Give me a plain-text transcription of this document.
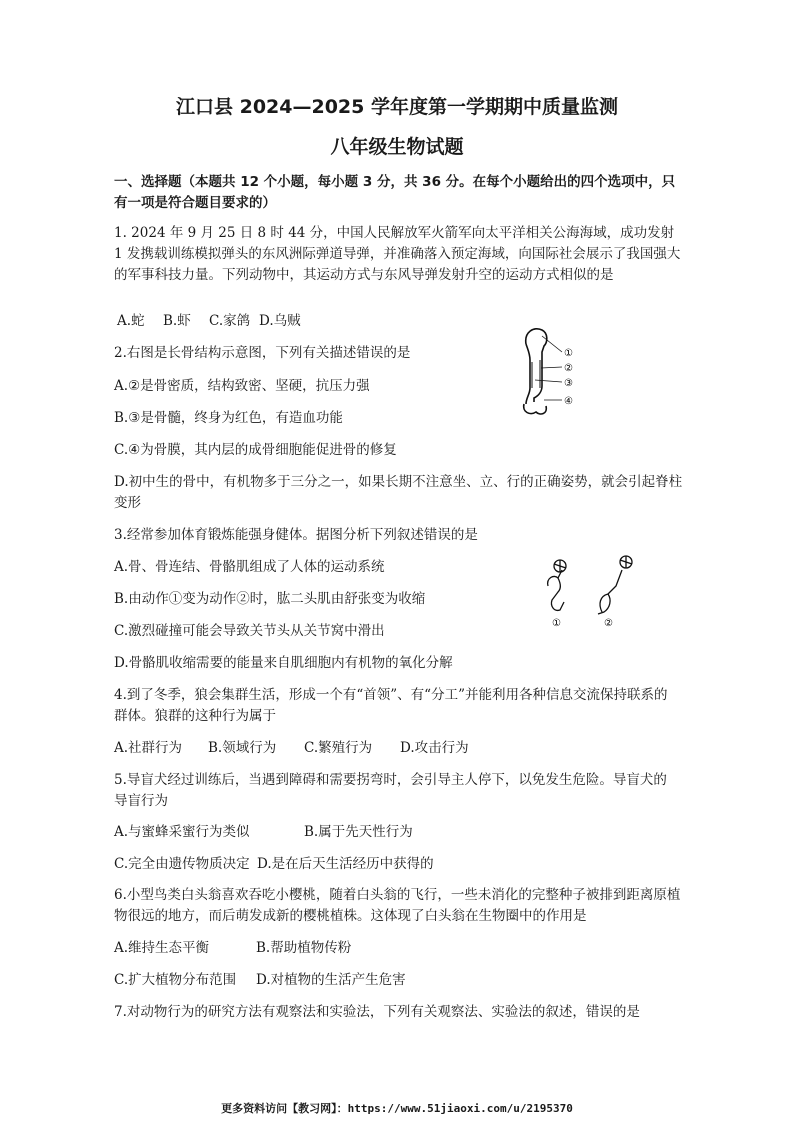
江口县 2024—2025 学年度第一学期期中质量监测
八年级生物试题
一、选择题（本题共 12 个小题，每小题 3 分，共 36 分。在每个小题给出的四个选项中，只有一项是符合题目要求的）
1. 2024 年 9 月 25 日 8 时 44 分，中国人民解放军火箭军向太平洋相关公海海域，成功发射 1 发携载训练模拟弹头的东风洲际弹道导弹，并准确落入预定海域，向国际社会展示了我国强大的军事科技力量。下列动物中，其运动方式与东风导弹发射升空的运动方式相似的是
A.蛇 B.虾 C.家鸽 D.乌贼
2.右图是长骨结构示意图，下列有关描述错误的是
A.②是骨密质，结构致密、坚硬，抗压力强
B.③是骨髓，终身为红色，有造血功能
C.④为骨膜，其内层的成骨细胞能促进骨的修复
D.初中生的骨中，有机物多于三分之一，如果长期不注意坐、立、行的正确姿势，就会引起脊柱变形
①
②
③
④
3.经常参加体育锻炼能强身健体。据图分析下列叙述错误的是
A.骨、骨连结、骨骼肌组成了人体的运动系统
B.由动作①变为动作②时，肱二头肌由舒张变为收缩
C.激烈碰撞可能会导致关节头从关节窝中滑出
D.骨骼肌收缩需要的能量来自肌细胞内有机物的氧化分解
①	②
4.到了冬季，狼会集群生活，形成一个有“首领”、有“分工”并能利用各种信息交流保持联系的 群体。狼群的这种行为属于
A.社群行为 B.领域行为 C.繁殖行为 D.攻击行为
5.导盲犬经过训练后，当遇到障碍和需要拐弯时，会引导主人停下，以免发生危险。导盲犬的 导盲行为
A.与蜜蜂采蜜行为类似	B.属于先天性行为
C.完全由遗传物质决定 D.是在后天生活经历中获得的
6.小型鸟类白头翁喜欢吞吃小樱桃，随着白头翁的飞行，一些未消化的完整种子被排到距离原植物很远的地方，而后萌发成新的樱桃植株。这体现了白头翁在生物圈中的作用是
A.维持生态平衡	B.帮助植物传粉
C.扩大植物分布范围 D.对植物的生活产生危害
7.对动物行为的研究方法有观察法和实验法，下列有关观察法、实验法的叙述，错误的是
更多资料访问【教习网】：https://www.51jiaoxi.com/u/2195370
